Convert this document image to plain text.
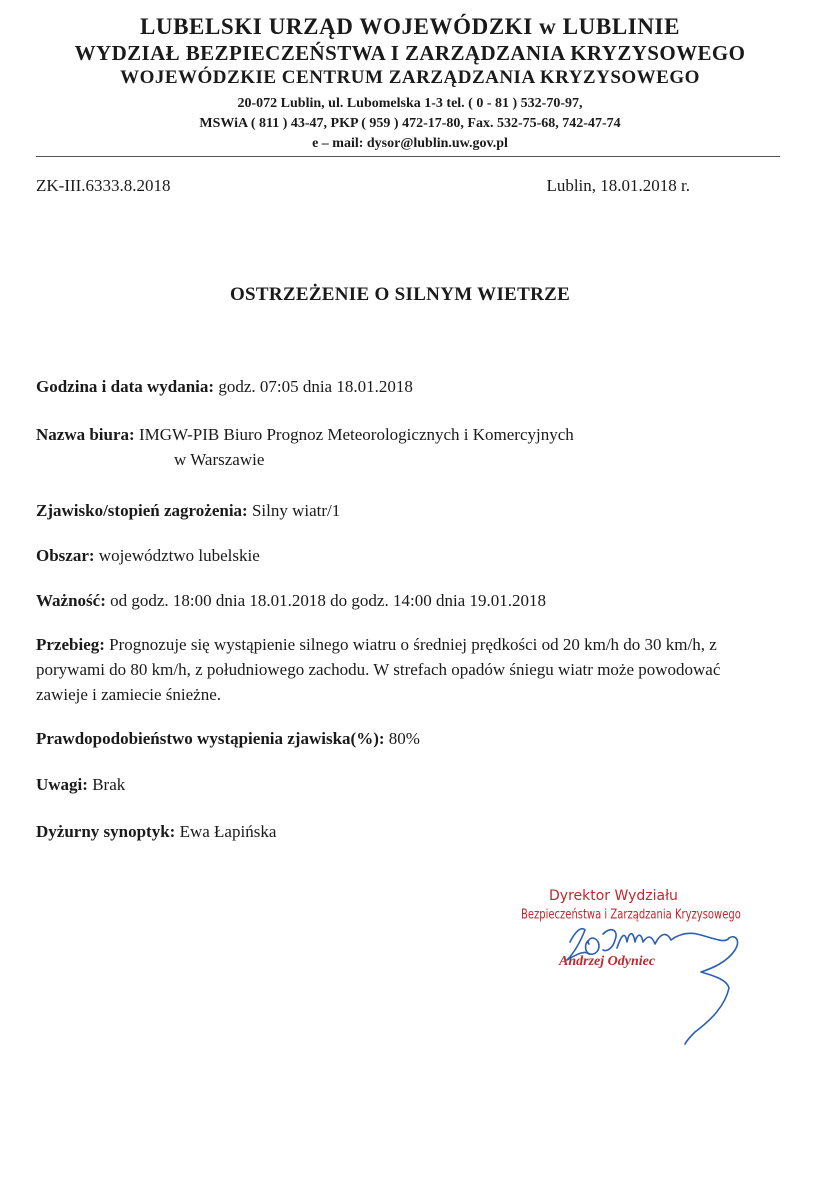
LUBELSKI URZĄD WOJEWÓDZKI w LUBLINIE
WYDZIAŁ BEZPIECZEŃSTWA I ZARZĄDZANIA KRYZYSOWEGO
WOJEWÓDZKIE CENTRUM ZARZĄDZANIA KRYZYSOWEGO
20-072 Lublin, ul. Lubomelska 1-3 tel. ( 0 - 81 ) 532-70-97,
MSWiA ( 811 ) 43-47, PKP ( 959 ) 472-17-80, Fax. 532-75-68, 742-47-74
e – mail: dysor@lublin.uw.gov.pl
ZK-III.6333.8.2018	Lublin, 18.01.2018 r.
OSTRZEŻENIE O SILNYM WIETRZE
Godzina i data wydania: godz. 07:05 dnia 18.01.2018
Nazwa biura: IMGW-PIB Biuro Prognoz Meteorologicznych i Komercyjnych
w Warszawie
Zjawisko/stopień zagrożenia: Silny wiatr/1
Obszar: województwo lubelskie
Ważność: od godz. 18:00 dnia 18.01.2018 do godz. 14:00 dnia 19.01.2018
Przebieg: Prognozuje się wystąpienie silnego wiatru o średniej prędkości od 20 km/h do 30 km/h, z porywami do 80 km/h, z południowego zachodu. W strefach opadów śniegu wiatr może powodować zawieje i zamiecie śnieżne.
Prawdopodobieństwo wystąpienia zjawiska(%): 80%
Uwagi: Brak
Dyżurny synoptyk: Ewa Łapińska
Dyrektor Wydziału
Bezpieczeństwa i Zarządzania Kryzysowego
Andrzej Odyniec
